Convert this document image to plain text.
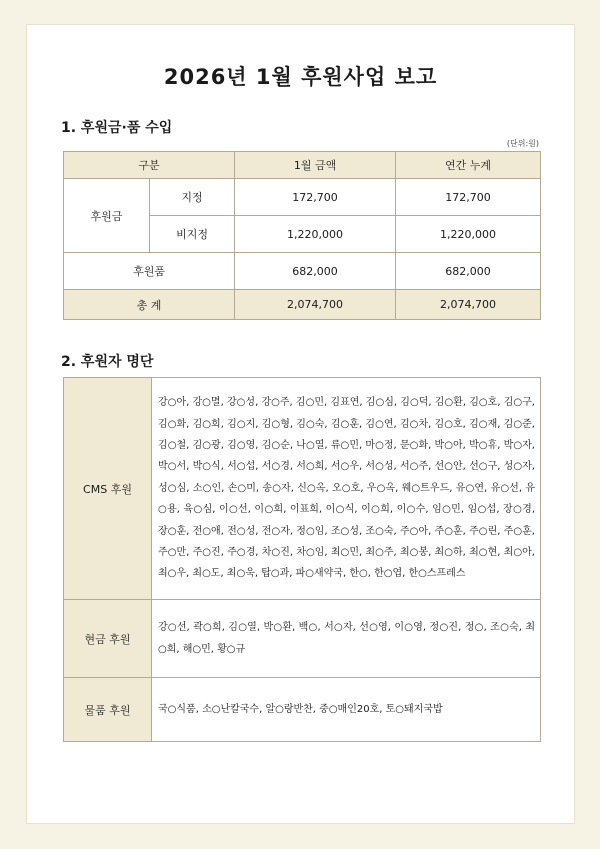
2026년 1월 후원사업 보고
1. 후원금·품 수입
(단위:원)
구분		1월 금액	연간 누계
후원금	지정	172,700	172,700
	비지정	1,220,000	1,220,000
후원품		682,000	682,000
총 계		2,074,700	2,074,700
2. 후원자 명단
CMS 후원	강○아, 강○멸, 강○성, 강○주, 김○민, 김표연, 김○심, 김○덕, 김○환, 김○호, 김○구, 김○화, 김○희, 김○지, 김○형, 김○숙, 김○훈, 김○연, 김○차, 김○호, 김○재, 김○준, 김○철, 김○광, 김○영, 김○순, 나○열, 류○민, 마○정, 문○화, 박○아, 박○휴, 박○자, 박○서, 박○식, 서○섭, 서○경, 서○희, 서○우, 서○성, 서○주, 선○안, 선○구, 성○자, 성○심, 소○인, 손○미, 송○자, 신○옥, 오○호, 우○옥, 웨○트우드, 유○연, 유○선, 유○용, 육○심, 이○선, 이○희, 이표희, 이○식, 이○희, 이○수, 임○민, 임○섭, 장○경, 장○훈, 전○애, 전○성, 전○자, 정○임, 조○성, 조○숙, 주○아, 주○훈, 주○린, 주○훈, 주○만, 주○진, 주○경, 차○진, 차○임, 최○민, 최○주, 최○봉, 최○하, 최○현, 최○아, 최○우, 최○도, 최○욱, 탑○과, 파○새약국, 한○, 한○엽, 한○스프레스
현금 후원	강○선, 곽○희, 김○열, 박○환, 백○, 서○자, 선○영, 이○영, 정○진, 정○, 조○숙, 최○희, 해○민, 황○규
물품 후원	국○식품, 소○난칼국수, 알○랑반찬, 중○매인20호, 토○돼지국밥
